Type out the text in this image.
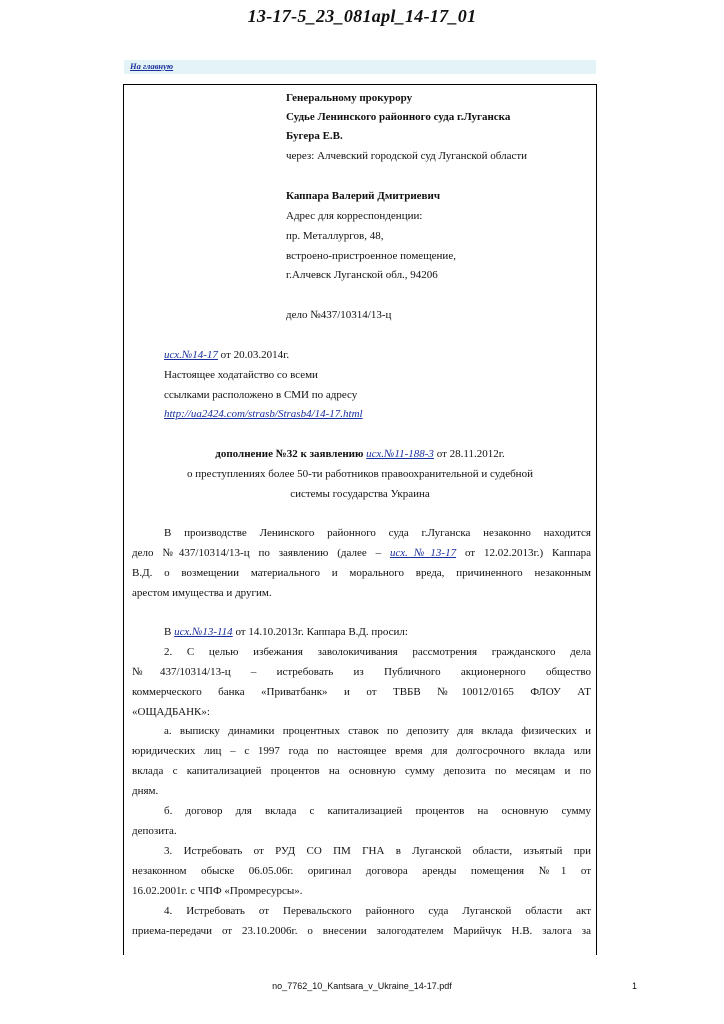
13-17-5_23_081apl_14-17_01
На главную
Генеральному прокурору
Судье Ленинского районного суда г.Луганска
Бугера Е.В.
через: Алчевский городской суд Луганской области
Каппара Валерий Дмитриевич
Адрес для корреспонденции:
пр. Металлургов, 48,
встроено-пристроенное помещение,
г.Алчевск Луганской обл., 94206
дело №437/10314/13-ц
исх.№14-17 от 20.03.2014г.
Настоящее ходатайство со всеми
ссылками расположено в СМИ по адресу
http://ua2424.com/strasb/Strasb4/14-17.html
дополнение №32 к заявлению исх.№11-188-3 от 28.11.2012г.
о преступлениях более 50-ти работников правоохранительной и судебной
системы государства Украина
В производстве Ленинского районного суда г.Луганска незаконно находится
дело №437/10314/13-ц по заявлению (далее – исх.№13-17 от 12.02.2013г.) Каппара
В.Д. о возмещении материального и морального вреда, причиненного незаконным
арестом имущества и другим.
В исх.№13-114 от 14.10.2013г. Каппара В.Д. просил:
2. С целью избежания заволокичивания рассмотрения гражданского дела
№437/10314/13-ц – истребовать из Публичного акционерного общество
коммерческого банка «Приватбанк» и от ТВБВ №10012/0165 ФЛОУ АТ
«ОЩАДБАНК»:
а. выписку динамики процентных ставок по депозиту для вклада физических и
юридических лиц – с 1997 года по настоящее время для долгосрочного вклада или
вклада с капитализацией процентов на основную сумму депозита по месяцам и по
дням.
б. договор для вклада с капитализацией процентов на основную сумму
депозита.
3. Истребовать от РУД СО ПМ ГНА в Луганской области, изъятый при
незаконном обыске 06.05.06г. оригинал договора аренды помещения №1 от
16.02.2001г. с ЧПФ «Промресурсы».
4. Истребовать от Перевальского районного суда Луганской области акт
приема-передачи от 23.10.2006г. о внесении залогодателем Марийчук Н.В. залога за
no_7762_10_Kantsara_v_Ukraine_14-17.pdf	1
